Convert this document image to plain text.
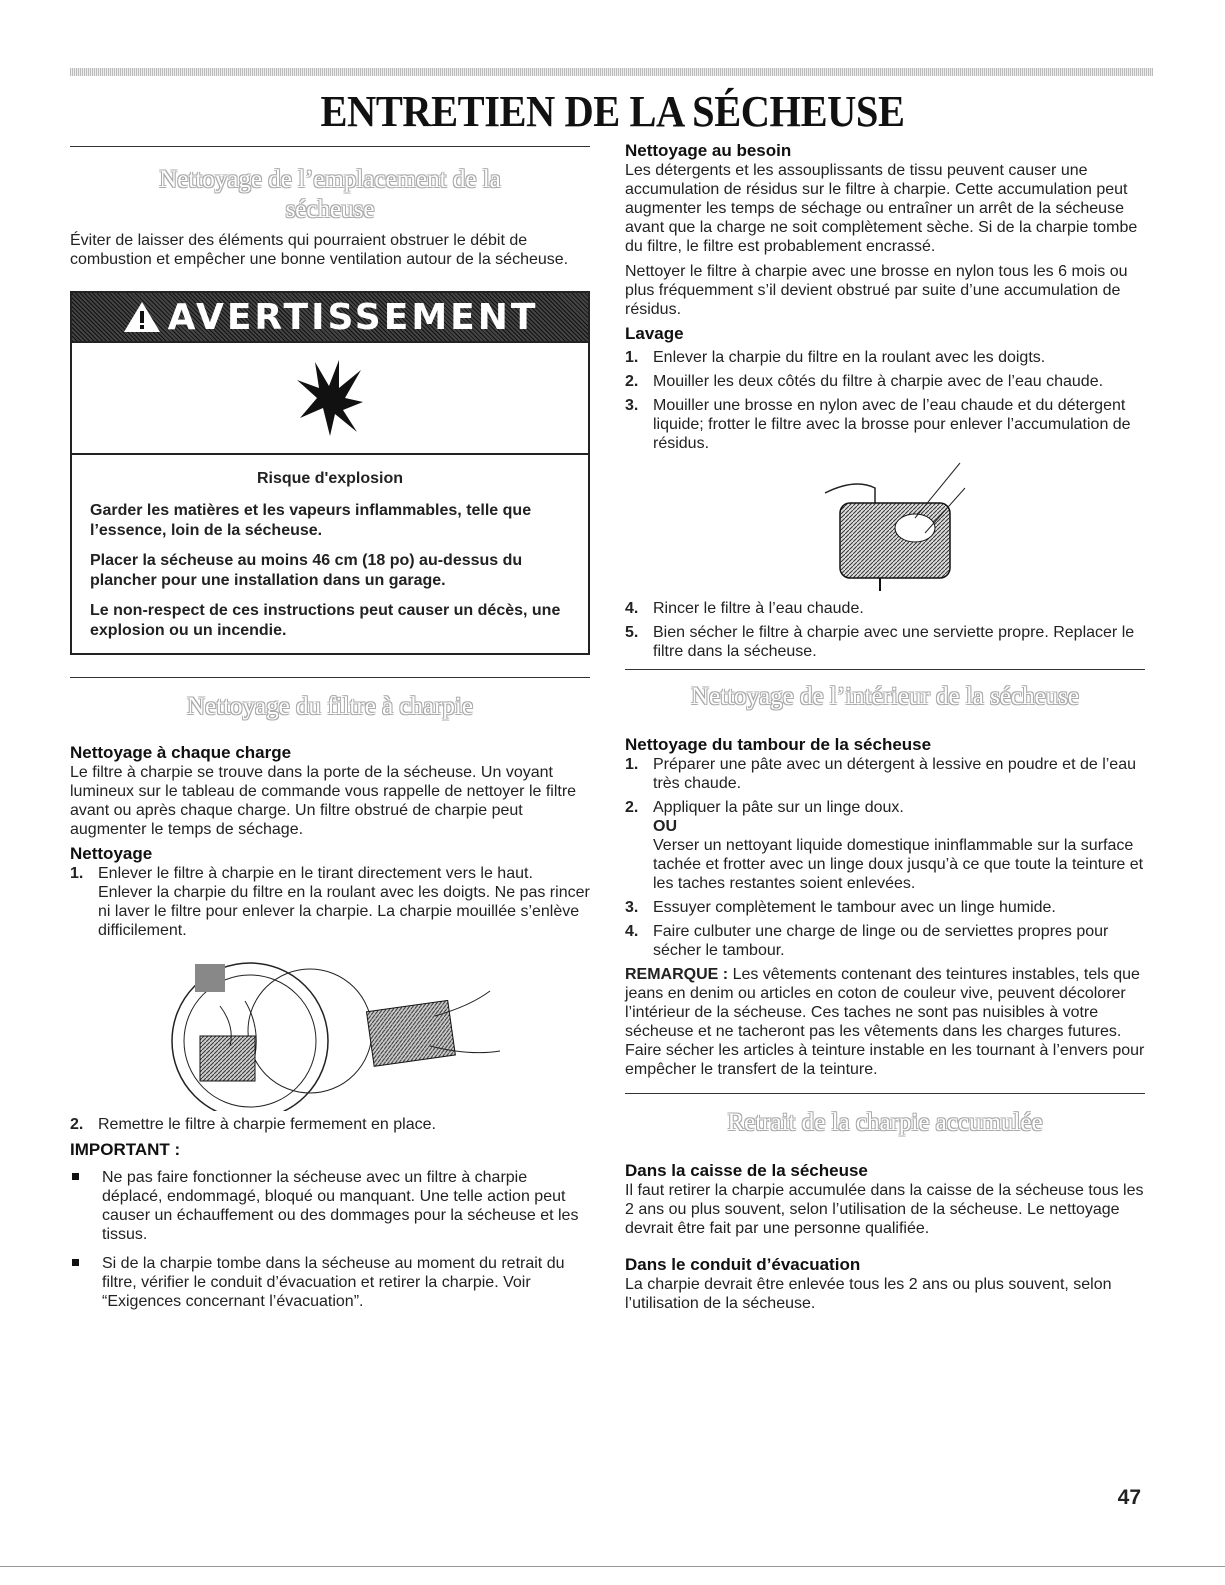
ENTRETIEN DE LA SÉCHEUSE
Nettoyage de l’emplacement de la sécheuse

Éviter de laisser des éléments qui pourraient obstruer le débit de combustion et empêcher une bonne ventilation autour de la sécheuse.

AVERTISSEMENT
Risque d'explosion

Garder les matières et les vapeurs inflammables, telle que l’essence, loin de la sécheuse.

Placer la sécheuse au moins 46 cm (18 po) au-dessus du plancher pour une installation dans un garage.

Le non-respect de ces instructions peut causer un décès, une explosion ou un incendie.

Nettoyage du filtre à charpie
Nettoyage à chaque charge

Le filtre à charpie se trouve dans la porte de la sécheuse. Un voyant lumineux sur le tableau de commande vous rappelle de nettoyer le filtre avant ou après chaque charge. Un filtre obstrué de charpie peut augmenter le temps de séchage.

Nettoyage
1. Enlever le filtre à charpie en le tirant directement vers le haut. Enlever la charpie du filtre en la roulant avec les doigts. Ne pas rincer ni laver le filtre pour enlever la charpie. La charpie mouillée s’enlève difficilement.
2. Remettre le filtre à charpie fermement en place.
IMPORTANT :
Ne pas faire fonctionner la sécheuse avec un filtre à charpie déplacé, endommagé, bloqué ou manquant. Une telle action peut causer un échauffement ou des dommages pour la sécheuse et les tissus.
Si de la charpie tombe dans la sécheuse au moment du retrait du filtre, vérifier le conduit d’évacuation et retirer la charpie. Voir “Exigences concernant l’évacuation”.
Nettoyage au besoin

Les détergents et les assouplissants de tissu peuvent causer une accumulation de résidus sur le filtre à charpie. Cette accumulation peut augmenter les temps de séchage ou entraîner un arrêt de la sécheuse avant que la charge ne soit complètement sèche. Si de la charpie tombe du filtre, le filtre est probablement encrassé.

Nettoyer le filtre à charpie avec une brosse en nylon tous les 6 mois ou plus fréquemment s’il devient obstrué par suite d’une accumulation de résidus.

Lavage
1. Enlever la charpie du filtre en la roulant avec les doigts.
2. Mouiller les deux côtés du filtre à charpie avec de l’eau chaude.
3. Mouiller une brosse en nylon avec de l’eau chaude et du détergent liquide; frotter le filtre avec la brosse pour enlever l’accumulation de résidus.
4. Rincer le filtre à l’eau chaude.
5. Bien sécher le filtre à charpie avec une serviette propre. Replacer le filtre dans la sécheuse.
Nettoyage de l’intérieur de la sécheuse
Nettoyage du tambour de la sécheuse
1. Préparer une pâte avec un détergent à lessive en poudre et de l’eau très chaude.
2. Appliquer la pâte sur un linge doux.
OU
Verser un nettoyant liquide domestique ininflammable sur la surface tachée et frotter avec un linge doux jusqu’à ce que toute la teinture et les taches restantes soient enlevées.
3. Essuyer complètement le tambour avec un linge humide.
4. Faire culbuter une charge de linge ou de serviettes propres pour sécher le tambour.

REMARQUE : Les vêtements contenant des teintures instables, tels que jeans en denim ou articles en coton de couleur vive, peuvent décolorer l’intérieur de la sécheuse. Ces taches ne sont pas nuisibles à votre sécheuse et ne tacheront pas les vêtements dans les charges futures. Faire sécher les articles à teinture instable en les tournant à l’envers pour empêcher le transfert de la teinture.

Retrait de la charpie accumulée
Dans la caisse de la sécheuse

Il faut retirer la charpie accumulée dans la caisse de la sécheuse tous les 2 ans ou plus souvent, selon l’utilisation de la sécheuse. Le nettoyage devrait être fait par une personne qualifiée.

Dans le conduit d’évacuation

La charpie devrait être enlevée tous les 2 ans ou plus souvent, selon l’utilisation de la sécheuse.

47
